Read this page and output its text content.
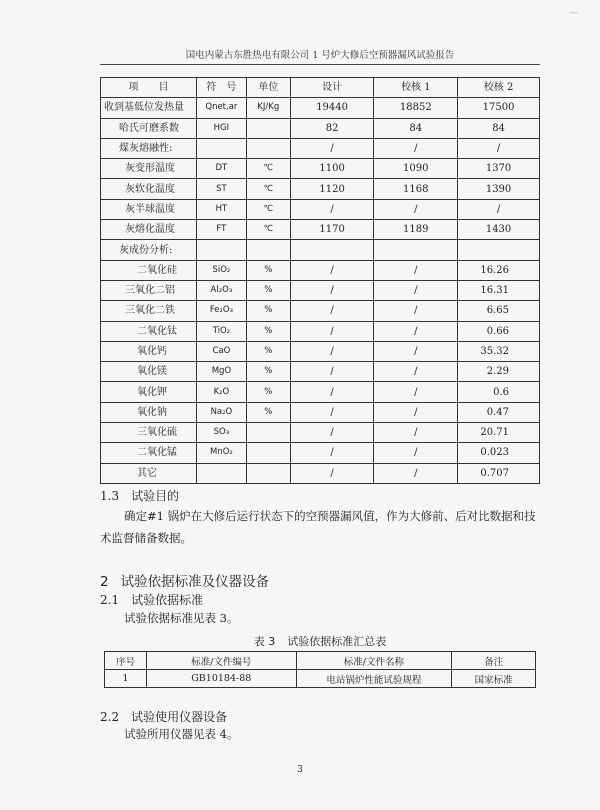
—
国电内蒙古东胜热电有限公司 1 号炉大修后空预器漏风试验报告
项　　目	符　号	单位	设计	校核 1	校核 2
收到基低位发热量	Qnet,ar	KJ/Kg	19440	18852	17500
哈氏可磨系数	HGI		82	84	84
煤灰熔融性:			/	/	/
灰变形温度	DT	℃	1100	1090	1370
灰软化温度	ST	℃	1120	1168	1390
灰半球温度	HT	℃	/	/	/
灰熔化温度	FT	℃	1170	1189	1430
灰成份分析:					
二氧化硅	SiO₂	%	/	/	16.26
三氧化二铝	Al₂O₃	%	/	/	16.31
三氧化二铁	Fe₂O₃	%	/	/	6.65
二氧化钛	TiO₂	%	/	/	0.66
氧化钙	CaO	%	/	/	35.32
氧化镁	MgO	%	/	/	2.29
氧化钾	K₂O	%	/	/	0.6
氧化钠	Na₂O	%	/	/	0.47
三氧化硫	SO₃		/	/	20.71
二氧化锰	MnO₂		/	/	0.023
其它			/	/	0.707
1.3 试验目的
确定#1 锅炉在大修后运行状态下的空预器漏风值，作为大修前、后对比数据和技术监督储备数据。
2 试验依据标准及仪器设备
2.1 试验依据标准
试验依据标准见表 3。
表 3 试验依据标准汇总表
序号	标准/文件编号	标准/文件名称	备注
1	GB10184-88	电站锅炉性能试验规程	国家标准
2.2 试验使用仪器设备
试验所用仪器见表 4。
3
